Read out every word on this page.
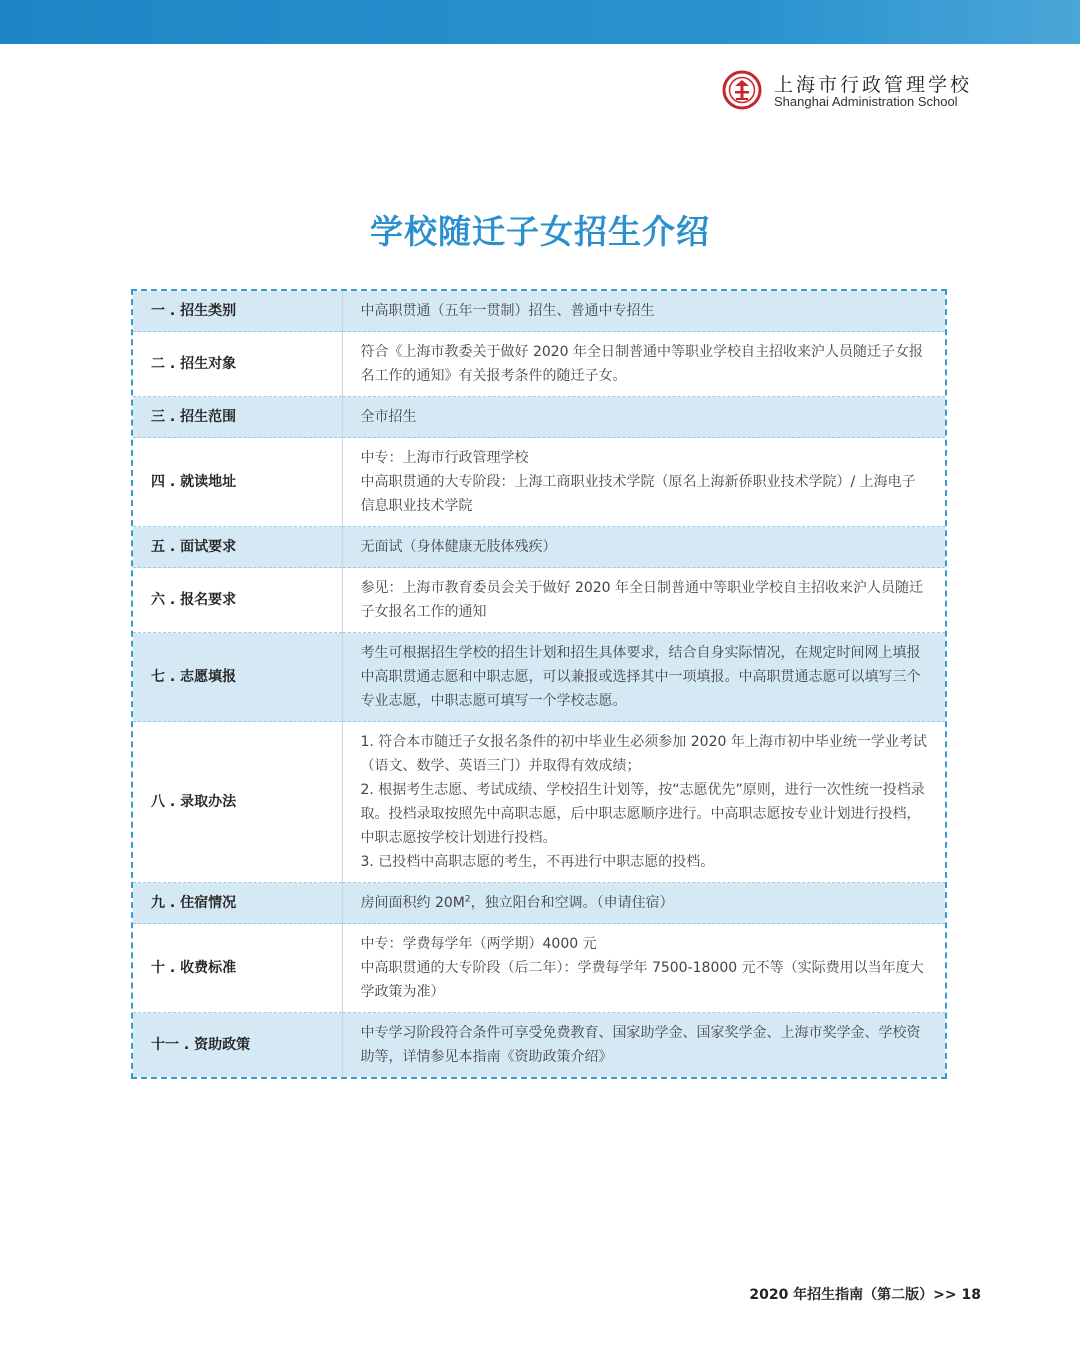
上海市行政管理学校
Shanghai Administration School
学校随迁子女招生介绍
一 . 招生类别	中高职贯通（五年一贯制）招生、普通中专招生

二 . 招生对象	符合《上海市教委关于做好 2020 年全日制普通中等职业学校自主招收来沪人员随迁子女报名工作的通知》有关报考条件的随迁子女。

三 . 招生范围	全市招生

四 . 就读地址	中专：上海市行政管理学校
中高职贯通的大专阶段：上海工商职业技术学院（原名上海新侨职业技术学院）/ 上海电子信息职业技术学院

五 . 面试要求	无面试（身体健康无肢体残疾）

六 . 报名要求	参见：上海市教育委员会关于做好 2020 年全日制普通中等职业学校自主招收来沪人员随迁子女报名工作的通知

七 . 志愿填报	考生可根据招生学校的招生计划和招生具体要求，结合自身实际情况，在规定时间网上填报中高职贯通志愿和中职志愿，可以兼报或选择其中一项填报。中高职贯通志愿可以填写三个专业志愿，中职志愿可填写一个学校志愿。

八 . 录取办法	1. 符合本市随迁子女报名条件的初中毕业生必须参加 2020 年上海市初中毕业统一学业考试（语文、数学、英语三门）并取得有效成绩；
2. 根据考生志愿、考试成绩、学校招生计划等，按“志愿优先”原则，进行一次性统一投档录取。投档录取按照先中高职志愿，后中职志愿顺序进行。中高职志愿按专业计划进行投档，中职志愿按学校计划进行投档。
3. 已投档中高职志愿的考生，不再进行中职志愿的投档。

九 . 住宿情况	房间面积约 $20M^2$，独立阳台和空调。（申请住宿）
十 . 收费标准	中专：学费每学年（两学期）4000 元
中高职贯通的大专阶段（后二年）：学费每学年 7500-18000 元不等（实际费用以当年度大学政策为准）

十一 . 资助政策	中专学习阶段符合条件可享受免费教育、国家助学金、国家奖学金、上海市奖学金、学校资助等，详情参见本指南《资助政策介绍》
2020 年招生指南（第二版）>> 18
